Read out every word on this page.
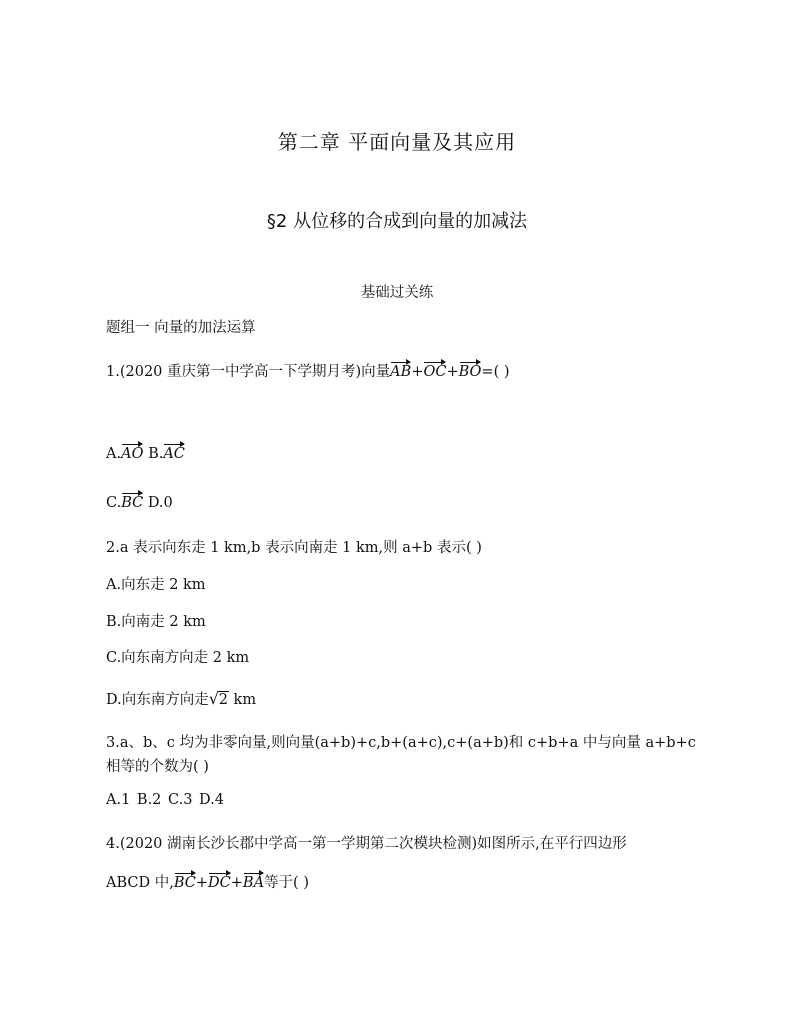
第二章 平面向量及其应用
§2 从位移的合成到向量的加减法
基础过关练
题组一 向量的加法运算
1.(2020 重庆第一中学高一下学期月考)向量AB+OC+BO=( )
A.AO B.AC
C.BC D.0
2.a 表示向东走 1 km,b 表示向南走 1 km,则 a+b 表示( )
A.向东走 2 km
B.向南走 2 km
C.向东南方向走 2 km
D.向东南方向走 √ 2 km
3.a、b、c 均为非零向量,则向量(a+b)+c,b+(a+c),c+(a+b)和 c+b+a 中与向量 a+b+c
相等的个数为( )
A.1 B.2 C.3 D.4
4.(2020 湖南长沙长郡中学高一第一学期第二次模块检测)如图所示,在平行四边形
ABCD 中,BC+DC+BA等于( )
